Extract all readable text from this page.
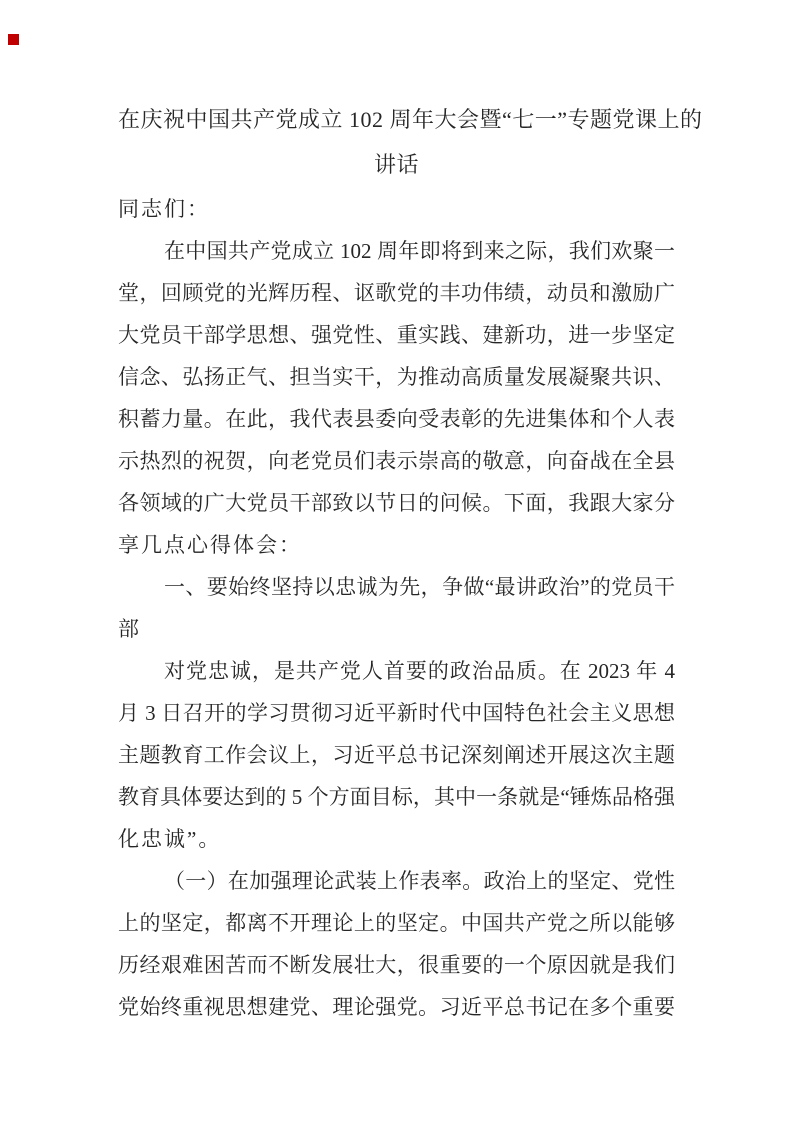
在庆祝中国共产党成立 102 周年大会暨“七一”专题党课上的
讲话
同志们：
在中国共产党成立 102 周年即将到来之际，我们欢聚一
堂，回顾党的光辉历程、讴歌党的丰功伟绩，动员和激励广
大党员干部学思想、强党性、重实践、建新功，进一步坚定
信念、弘扬正气、担当实干，为推动高质量发展凝聚共识、
积蓄力量。在此，我代表县委向受表彰的先进集体和个人表
示热烈的祝贺，向老党员们表示崇高的敬意，向奋战在全县
各领域的广大党员干部致以节日的问候。下面，我跟大家分
享几点心得体会：
一、要始终坚持以忠诚为先，争做“最讲政治”的党员干
部
对党忠诚，是共产党人首要的政治品质。在 2023 年 4
月 3 日召开的学习贯彻习近平新时代中国特色社会主义思想
主题教育工作会议上，习近平总书记深刻阐述开展这次主题
教育具体要达到的 5 个方面目标，其中一条就是“锤炼品格强
化忠诚”。
（一）在加强理论武装上作表率。政治上的坚定、党性
上的坚定，都离不开理论上的坚定。中国共产党之所以能够
历经艰难困苦而不断发展壮大，很重要的一个原因就是我们
党始终重视思想建党、理论强党。习近平总书记在多个重要
